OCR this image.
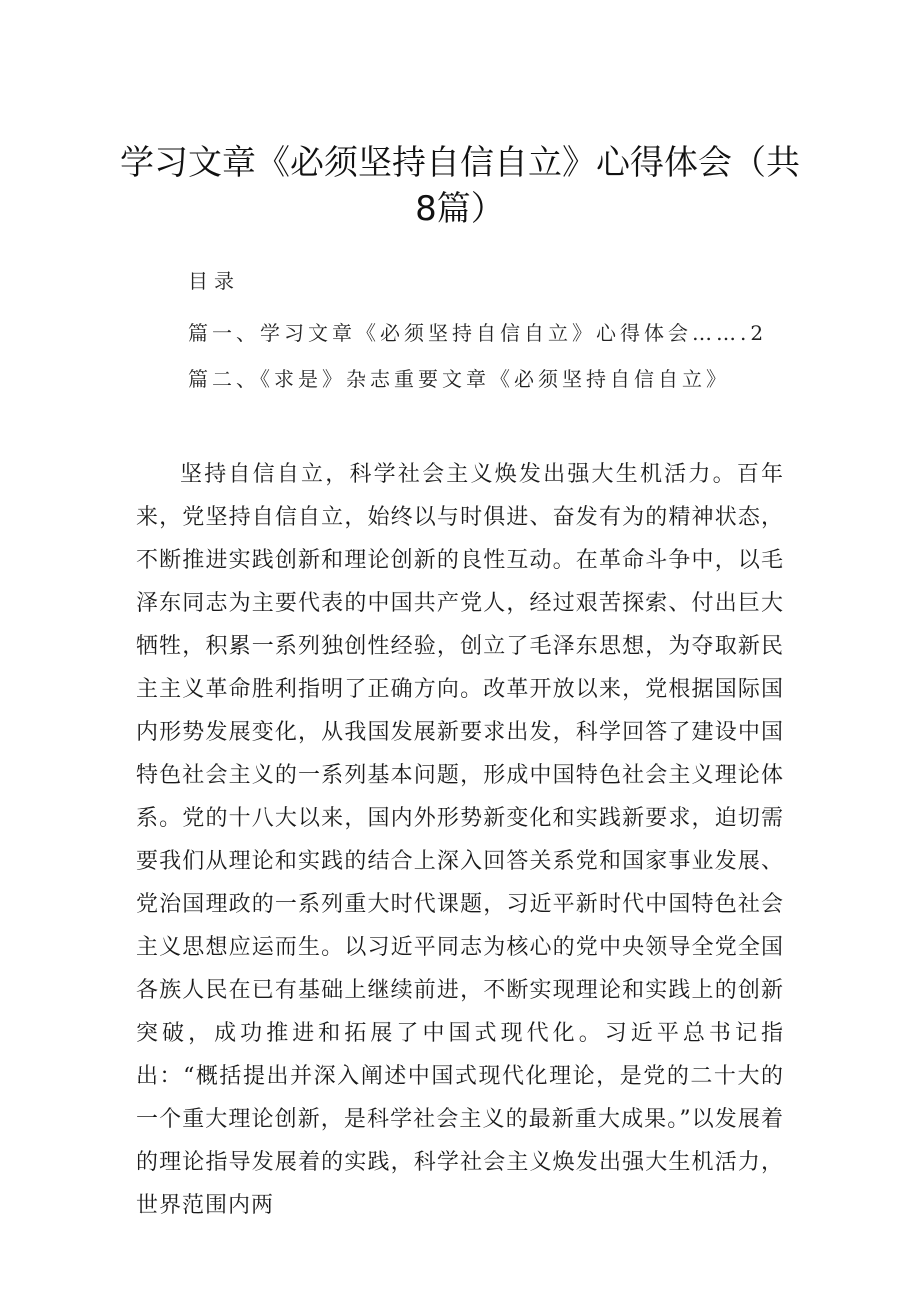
学习文章《必须坚持自信自立》心得体会（共8篇）
目录
篇一、学习文章《必须坚持自信自立》心得体会…….2
篇二、《求是》杂志重要文章《必须坚持自信自立》

坚持自信自立，科学社会主义焕发出强大生机活力。百年来，党坚持自信自立，始终以与时俱进、奋发有为的精神状态，不断推进实践创新和理论创新的良性互动。在革命斗争中，以毛泽东同志为主要代表的中国共产党人，经过艰苦探索、付出巨大牺牲，积累一系列独创性经验，创立了毛泽东思想，为夺取新民主主义革命胜利指明了正确方向。改革开放以来，党根据国际国内形势发展变化，从我国发展新要求出发，科学回答了建设中国特色社会主义的一系列基本问题，形成中国特色社会主义理论体系。党的十八大以来，国内外形势新变化和实践新要求，迫切需要我们从理论和实践的结合上深入回答关系党和国家事业发展、党治国理政的一系列重大时代课题，习近平新时代中国特色社会主义思想应运而生。以习近平同志为核心的党中央领导全党全国各族人民在已有基础上继续前进，不断实现理论和实践上的创新突破，成功推进和拓展了中国式现代化。习近平总书记指出：“概括提出并深入阐述中国式现代化理论，是党的二十大的一个重大理论创新，是科学社会主义的最新重大成果。”以发展着的理论指导发展着的实践，科学社会主义焕发出强大生机活力，世界范围内两
